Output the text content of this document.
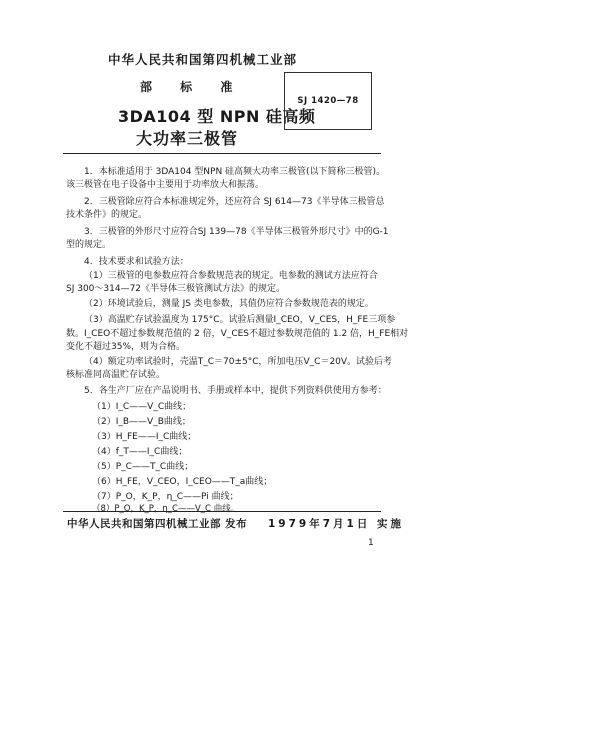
中华人民共和国第四机械工业部
部 标 准
3DA104 型 NPN 硅高频
大功率三极管
SJ 1420—78
1．本标准适用于 3DA104 型NPN 硅高频大功率三极管(以下简称三极管)。
该三极管在电子设备中主要用于功率放大和振荡。
2．三极管除应符合本标准规定外，还应符合 SJ 614—73《半导体三极管总
技术条件》的规定。
3．三极管的外形尺寸应符合SJ 139—78《半导体三极管外形尺寸》中的G-1
型的规定。
4．技术要求和试验方法：
（1）三极管的电参数应符合参数规范表的规定。电参数的测试方法应符合
SJ 300～314—72《半导体三极管测试方法》的规定。
（2）环境试验后，测量 JS 类电参数，其值仍应符合参数规范表的规定。
（3）高温贮存试验温度为 175°C。试验后测量I_CEO，V_CES，H_FE三项参
数。I_CEO不超过参数规范值的 2 倍，V_CES不超过参数规范值的 1.2 倍，H_FE相对
变化不超过35%，则为合格。
（4）额定功率试验时，壳温T_C＝70±5°C，所加电压V_C＝20V。试验后考
核标准同高温贮存试验。
5．各生产厂应在产品说明书、手册或样本中，提供下列资料供使用方参考：
（1）I_C——V_C曲线；
（2）I_B——V_B曲线；
（3）H_FE——I_C曲线；
（4）f_T——I_C曲线；
（5）P_C——T_C曲线；
（6）H_FE，V_CEO，I_CEO——T_a曲线；
（7）P_O，K_P，η_C——Pi 曲线；
（8）P_O，K_P，η_C——V_C 曲线。
中华人民共和国第四机械工业部 发布 1979年7月1日 实施
1
